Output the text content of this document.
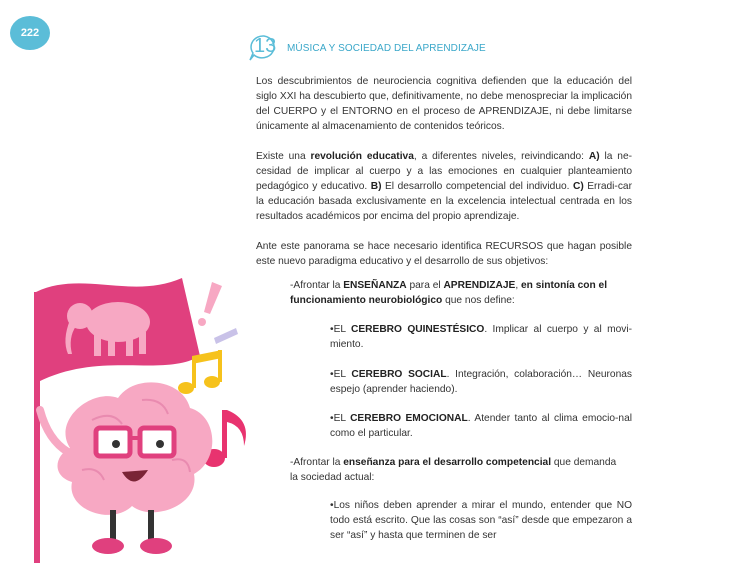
222
13 MÚSICA Y SOCIEDAD DEL APRENDIZAJE

Los descubrimientos de neurociencia cognitiva defienden que la educación del siglo XXI ha descubierto que, definitivamente, no debe menospreciar la implicación del CUERPO y el ENTORNO en el proceso de APRENDIZAJE, ni debe limitarse únicamente al almacenamiento de contenidos teóricos.

Existe una revolución educativa, a diferentes niveles, reivindicando: A) la ne-cesidad de implicar al cuerpo y a las emociones en cualquier planteamiento pedagógico y educativo. B) El desarrollo competencial del individuo. C) Erradi-car la educación basada exclusivamente en la excelencia intelectual centrada en los resultados académicos por encima del propio aprendizaje.

Ante este panorama se hace necesario identifica RECURSOS que hagan posible este nuevo paradigma educativo y el desarrollo de sus objetivos:

-Afrontar la ENSEÑANZA para el APRENDIZAJE, en sintonía con el funcionamiento neurobiológico que nos define:

•EL CEREBRO QUINESTÉSICO. Implicar al cuerpo y al movi-miento.

•EL CEREBRO SOCIAL. Integración, colaboración… Neuronas espejo (aprender haciendo).

•EL CEREBRO EMOCIONAL. Atender tanto al clima emocio-nal como el particular.

-Afrontar la enseñanza para el desarrollo competencial que demanda la sociedad actual:

•Los niños deben aprender a mirar el mundo, entender que NO todo está escrito. Que las cosas son “así” desde que empezaron a ser “así” y hasta que terminen de ser
